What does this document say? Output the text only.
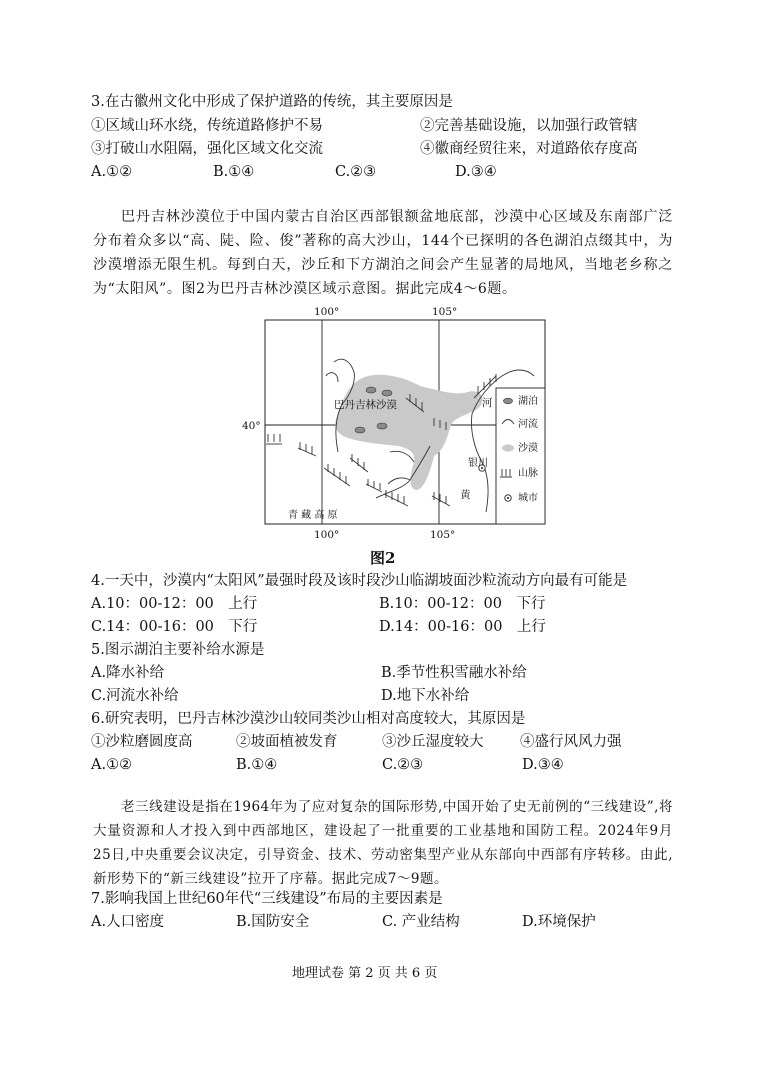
3.在古徽州文化中形成了保护道路的传统，其主要原因是
①区域山环水绕，传统道路修护不易	②完善基础设施，以加强行政管辖
③打破山水阻隔，强化区域文化交流	④徽商经贸往来，对道路依存度高
A.①②	B.①④	C.②③	D.③④
巴丹吉林沙漠位于中国内蒙古自治区西部银额盆地底部，沙漠中心区域及东南部广泛分布着众多以“高、陡、险、俊”著称的高大沙山，144个已探明的各色湖泊点缀其中，为沙漠增添无限生机。每到白天，沙丘和下方湖泊之间会产生显著的局地风，当地老乡称之为“太阳风”。图2为巴丹吉林沙漠区域示意图。据此完成4～6题。
100°	105°
100°	105°
40°
巴丹吉林沙漠
银川
河
黄
青 藏 高 原
湖泊
河流
沙漠
山脉
城市
图2
4.一天中，沙漠内“太阳风”最强时段及该时段沙山临湖坡面沙粒流动方向最有可能是
A.10：00-12：00　上行	B.10：00-12：00　下行
C.14：00-16：00　下行	D.14：00-16：00　上行
5.图示湖泊主要补给水源是
A.降水补给	B.季节性积雪融水补给
C.河流水补给	D.地下水补给
6.研究表明，巴丹吉林沙漠沙山较同类沙山相对高度较大，其原因是
①沙粒磨圆度高	②坡面植被发育	③沙丘湿度较大	④盛行风风力强
A.①②	B.①④	C.②③	D.③④
老三线建设是指在1964年为了应对复杂的国际形势,中国开始了史无前例的“三线建设”,将大量资源和人才投入到中西部地区，建设起了一批重要的工业基地和国防工程。2024年9月25日,中央重要会议决定，引导资金、技术、劳动密集型产业从东部向中西部有序转移。由此,新形势下的“新三线建设”拉开了序幕。据此完成7～9题。
7.影响我国上世纪60年代“三线建设”布局的主要因素是
A.人口密度	B.国防安全	C. 产业结构	D.环境保护
地理试卷 第 2 页 共 6 页
